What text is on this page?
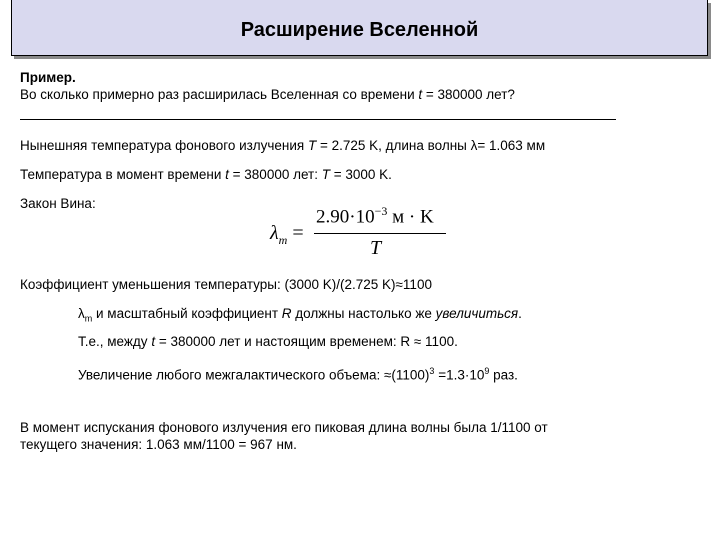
Расширение Вселенной
Пример.
Во сколько примерно раз расширилась Вселенная со времени t = 380000 лет?
Нынешняя температура фонового излучения T = 2.725 K, длина волны λ= 1.063 мм
Температура в момент времени t = 380000 лет: T = 3000 K.
Закон Вина:
$\lambda_m$ =
$2.90\cdot 10^{-3}$ м · K
T
Коэффициент уменьшения температуры: (3000 K)/(2.725 K)≈1100
$\lambda_m$ и масштабный коэффициент R должны настолько же увеличиться.
Т.е., между t = 380000 лет и настоящим временем: R ≈ 1100.
Увеличение любого межгалактического объема: $\approx(1100)^3 =1.3\cdot 10^9$ раз.
В момент испускания фонового излучения его пиковая длина волны была 1/1100 от
текущего значения: 1.063 мм/1100 = 967 нм.
